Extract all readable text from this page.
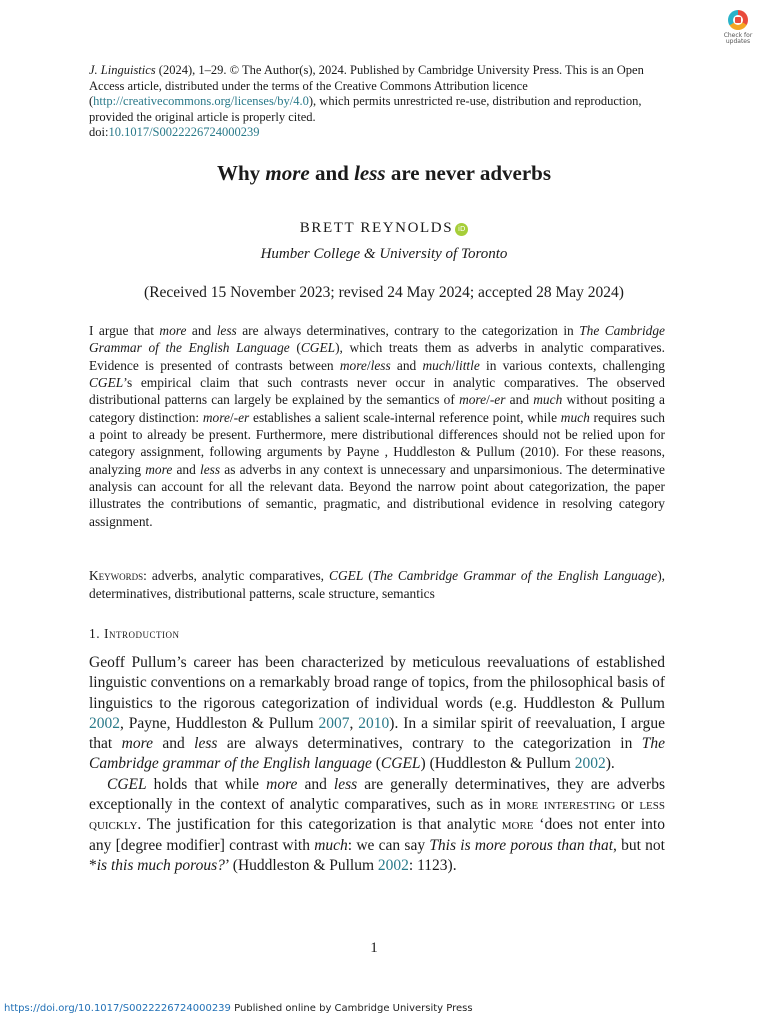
Check for
updates
J. Linguistics (2024), 1–29. © The Author(s), 2024. Published by Cambridge University Press. This is an Open Access article, distributed under the terms of the Creative Commons Attribution licence (http://creativecommons.org/licenses/by/4.0), which permits unrestricted re-use, distribution and reproduction, provided the original article is properly cited.
doi:10.1017/S0022226724000239
Why more and less are never adverbs
BRETT REYNOLDS iD
Humber College & University of Toronto
(Received 15 November 2023; revised 24 May 2024; accepted 28 May 2024)
I argue that more and less are always determinatives, contrary to the categorization in The Cambridge Grammar of the English Language (CGEL), which treats them as adverbs in analytic comparatives. Evidence is presented of contrasts between more/less and much/little in various contexts, challenging CGEL’s empirical claim that such contrasts never occur in analytic comparatives. The observed distributional patterns can largely be explained by the semantics of more/-er and much without positing a category distinction: more/-er establishes a salient scale-internal reference point, while much requires such a point to already be present. Furthermore, mere distributional differences should not be relied upon for category assignment, following arguments by Payne , Huddleston & Pullum (2010). For these reasons, analyzing more and less as adverbs in any context is unnecessary and unparsimonious. The determinative analysis can account for all the relevant data. Beyond the narrow point about categorization, the paper illustrates the contributions of semantic, pragmatic, and distributional evidence in resolving category assignment.
Keywords: adverbs, analytic comparatives, CGEL (The Cambridge Grammar of the English Language), determinatives, distributional patterns, scale structure, semantics
1. Introduction

Geoff Pullum’s career has been characterized by meticulous reevaluations of established linguistic conventions on a remarkably broad range of topics, from the philosophical basis of linguistics to the rigorous categorization of individual words (e.g. Huddleston & Pullum 2002, Payne, Huddleston & Pullum 2007, 2010). In a similar spirit of reevaluation, I argue that more and less are always determinatives, contrary to the categorization in The Cambridge grammar of the English language (CGEL) (Huddleston & Pullum 2002).

CGEL holds that while more and less are generally determinatives, they are adverbs exceptionally in the context of analytic comparatives, such as in more interesting or less quickly. The justification for this categorization is that analytic more ‘does not enter into any [degree modifier] contrast with much: we can say This is more porous than that, but not *is this much porous?’ (Huddleston & Pullum 2002: 1123).

1
https://doi.org/10.1017/S0022226724000239 Published online by Cambridge University Press
